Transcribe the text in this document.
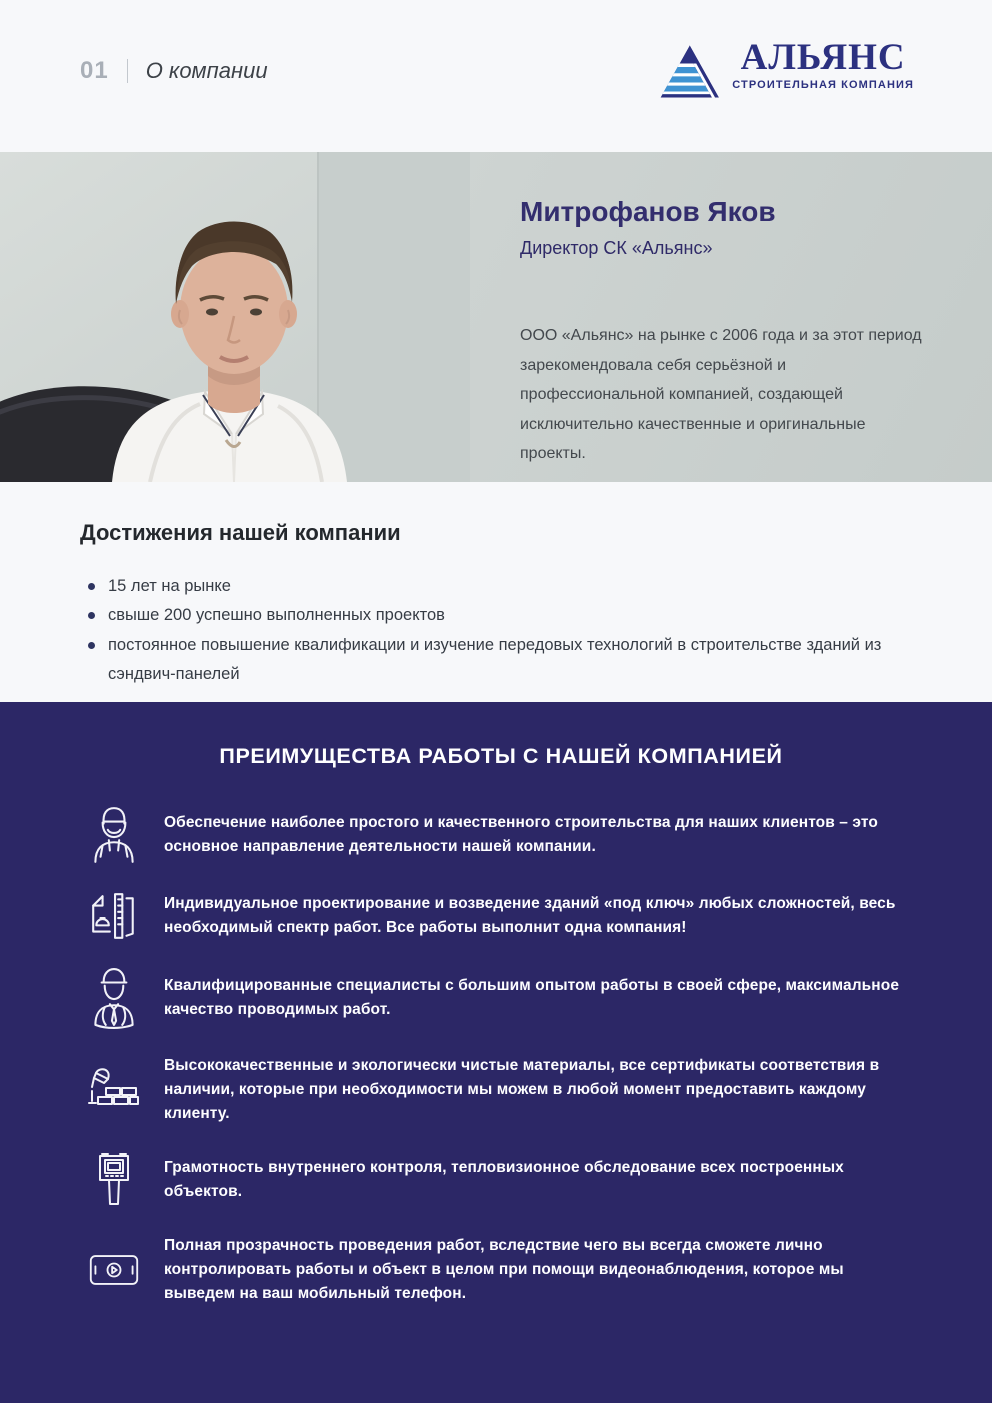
01 О компании	АЛЬЯНС
СТРОИТЕЛЬНАЯ КОМПАНИЯ
Митрофанов Яков
Директор СК «Альянс»
ООО «Альянс» на рынке с 2006 года и за этот период зарекомендовала себя серьёзной и профессиональной компанией, создающей исключительно качественные и оригинальные проекты.
Достижения нашей компании
15 лет на рынке
свыше 200 успешно выполненных проектов
постоянное повышение квалификации и изучение передовых технологий в строительстве зданий из сэндвич-панелей
ПРЕИМУЩЕСТВА РАБОТЫ С НАШЕЙ КОМПАНИЕЙ
Обеспечение наиболее простого и качественного строительства для наших клиентов – это основное направление деятельности нашей компании.
Индивидуальное проектирование и возведение зданий «под ключ» любых сложностей, весь необходимый спектр работ. Все работы выполнит одна компания!
Квалифицированные специалисты с большим опытом работы в своей сфере, максимальное качество проводимых работ.
Высококачественные и экологически чистые материалы, все сертификаты соответствия в наличии, которые при необходимости мы можем в любой момент предоставить каждому клиенту.
Грамотность внутреннего контроля, тепловизионное обследование всех построенных объектов.
Полная прозрачность проведения работ, вследствие чего вы всегда сможете лично контролировать работы и объект в целом при помощи видеонаблюдения, которое мы выведем на ваш мобильный телефон.
